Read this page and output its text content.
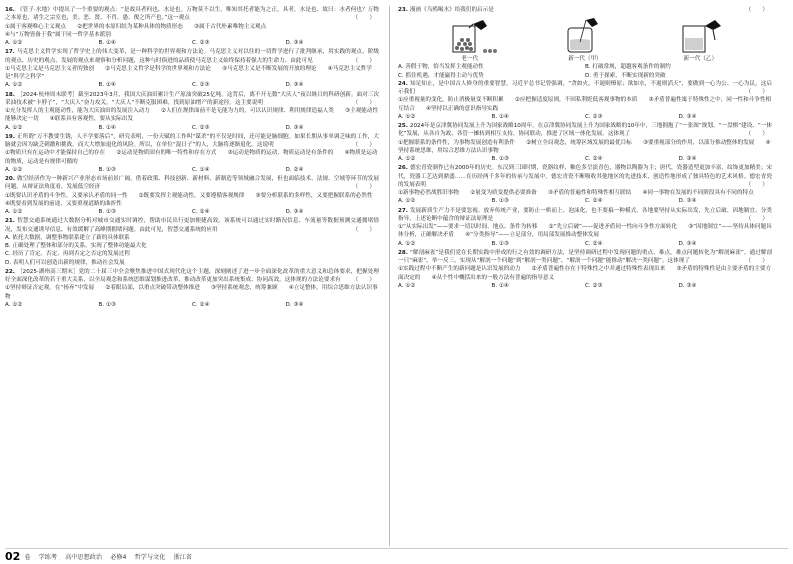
16. 《管子·水地》中提出了一个重要的观点：“是故具者何也，水是也。万物莫不以生，唯知其托者能为之正，具者，水是也。故曰：水者何也？万物之本原也，诸生之宗室也，美、恶、贤、不肖、愚、俊之所产也。”这一观点	（　　）
①属于客观唯心主义观点　　②把世界的本原归结为某种具体的物质形态　　③属于古代朴素唯物主义观点
④与“万物皆备于我”属于同一哲学基本派别
A. ①②	B. ①④	C. ②③	D. ③④
17. 马克思主义哲学实现了哲学史上的伟大变革，是一种科学的世界观和方法论。马克思主义对以往的一切哲学进行了批判继承，用实践的观点、阶级的观点、历史的观点、发展的观点来观察和分析问题，这种与时俱进的品质使马克思主义始终保持着强大的生命力。由此可见	（　　）
①马克思主义是马克思主义者的独创　　②马克思主义哲学是科学的世界观和方法论　　③马克思主义是不断发展的开放的理论　　④马克思主义哲学是“科学之科学”
A. ①②	B. ①④	C. ②③	D. ③④
18. ［2024·杭州周末联考］截至2023年3月，我国大庆油田累计生产原油突破25亿吨。这背后，离不开无数“大庆人”夜以继日的科研创新。面对三次采油技术被“卡脖子”，“大庆人”奋力攻关，“大庆人”不断克服困难，找到原油增产的新途径。这主要说明	（　　）
①充分发挥人的主观能动性，能为大庆油田的发展注入动力　　②人们在规律面前不是无能为力的，可以认识规律、利用规律造福人类　　③主观能动性能够决定一切　　④联系具有客观性，要从实际出发
A. ①②	B. ①④	C. ②③	D. ③④
19. 正所谓“万不教要生锈，人不学要落后”，研究表明，一份天赋的工作叫“谋杀”的不仅是时间，还可能是脑细胞。如果长期从事单调乏味的工作，大脑就会因为缺乏刺激和挑战，而大大增加退化的风险。所以，在单位“混日子”的人，大脑将逐渐退化。这说明	（　　）
①物质只有在运动中才能保持自己的存在　　②运动是物质固有的唯一特性和存在方式　　③运动是物质的运动，物质运动是有条件的　　④物质是运动的物质，运动是有规律可循的
A. ①②	B. ①③	C. ①④	D. ②④
20. 做空经济作为一种新兴产业形态市场前景广阔，借着政策、科技创新、新材料、新制造等领域融合发展，但也面临技术、法规、空域等环节的发展问题。从辩证法角度看，发展低空经济	（　　）
①既要认识矛盾的斗争性，又要承认矛盾的同一性　　②既要发挥主观能动性，又要遵循客观规律　　③要分析联系的多样性，又要把握联系的必然性　　④既要看到发展的前途，又要重视道路的曲折性
A. ①②	B. ①③	C. ②④	D. ③④
21. 智慧交通系统通过大数据分析对城市交通实时调控，帮助市民出行更加便捷高效。该系统可以通过实时路况信息、车流量等数据预测交通拥堵情况，发布交通诱导信息，有效缓解了高峰期拥堵问题。由此可见，智慧交通系统的应用	（　　）
A. 依托大数据，调整事物联系建立了新的具体联系
B. 正确处理了整体和部分的关系，实现了整体功能最大化
C. 经历了肯定、否定、再到否定之否定的发展过程
D. 表明人们可以创造出新的规律，推动社会发展
22. ［2025·湖州高三期末］党的二十届三中全会聚焦推进中国式现代化这个主题，深刻阐述了进一步全面深化改革的重大意义和总体要求，把握处理好全面深化改革的若干重大关系，以全局观念和系统思维谋划推进改革，推动改革更加突出系统集成、协同高效。这体现的方法论要求有 （　　）
①坚持辩证否定观，在“扬弃”中发展　　②着眼局部，以重点突破带动整体推进　　③坚持系统观念，统筹兼顾　　④立足整体，用综合思维方法认识事物
A. ①②	B. ①③	C. ②④	D. ③④
23. 漫画《乌鸦喝水》给我们的启示是	（　　）
老一代	新一代（甲）	新一代（乙）
A. 善假于物，恰当发挥主观能动性	B. 打破常规，超越客观条件的制约
C. 抓住机遇，才能赢得主动与优势	D. 勇于探索，不断实现新的突破
24. 知足知止，是中国古人修身的重要智慧。习近平总书记曾强调，“贪如火，不遏则燎原；欲如水，不遏则滔天”，要做到一心为公、一心为民。这启示我们	（　　）
①应重视量的变化，防止消极量变不断积累　　②应把握适度原则，不因私利贬低客观事物的本质　　③矛盾普遍性寓于特殊性之中，同一性和斗争性相互结合　　④坚持以正确的意识指导实践
A. ①②	B. ①④	C. ②③	D. ③④
25. 2024年是京津冀协同发展上升为国家战略10周年。在京津冀协同发展上升为国家战略的10年中，三地拥抱了“一张图”规划、“一盘棋”建设、“一体化”发展，从各自为政、各管一摊转到相互支持、协同联动，推进了区域一体化发展。这体现了	（　　）
①把握联系的条件性，为事物发展创造有利条件　　②树立全局观念，统筹区域发展的最优目标　　③要重视部分的作用，以部分推动整体的发展　　④坚持系统思维，用综合思维方法认识事物
A. ①②	B. ①③	C. ②④	D. ③④
26. 德宏青瓷制作已有2000年的历史。东汉到三国时期，瓷器纹样，釉色多呈淡青色，器物以陶器为主；唐代，瓷器造型更加丰富，纹饰更加精美；宋代，瓷器工艺达到鼎盛……在历经两千多年的传承与发展中，德宏青瓷不断吸收其他地区的先进技术，创造性地形成了独具特色的艺术风格。德宏青瓷的发展表明	（　　）
①新事物必然战胜旧事物　　②量变为质变提供必要准备　　③矛盾的普遍性和特殊性相互联结　　④同一事物在发展的不同阶段具有不同的特点
A. ①②	B. ①③	C. ②④	D. ③④
27. 发展新质生产力不是要忽视、放弃传统产业，要防止一哄而上、泡沫化，也不要搞一种模式。各地要坚持从实际出发，先立后破、因地制宜、分类指导。上述论断中蕴含的辩证法原理是	（　　）
①“从实际出发”——要求一切以时间、地点、条件为转移　　②“先立后破”——促进矛盾同一性向斗争性方面转化　　③“因地制宜”——坚持具体问题具体分析，正确解决矛盾　　④“分类指导”——立足部分，用局部发展推动整体发展
A. ①②	B. ①③	C. ②④	D. ③④
28. “解剖麻雀”是我们党在长期实践中形成的行之有效的调研方法，是坚持调研过程中发现问题的重点、难点，难点问题转化为“解剖麻雀”。通过解剖一只“麻雀”，举一反三，实现从“解剖一个问题”到“解剖一类问题”，“解剖一个问题”能推动“解决一类问题”。这体现了	（　　）
①实践过程中不断产生的新问题是认识发展的动力　　②矛盾普遍性存在于特殊性之中并通过特殊性表现出来　　③矛盾的特殊性是由主要矛盾的主要方面决定的　　④从个性中概括出来的一般方法有普遍的指导意义
A. ①②	B. ①④	C. ②③	D. ③④
02 卷 学练考 高中思想政治 必修4 哲学与文化 浙江省
